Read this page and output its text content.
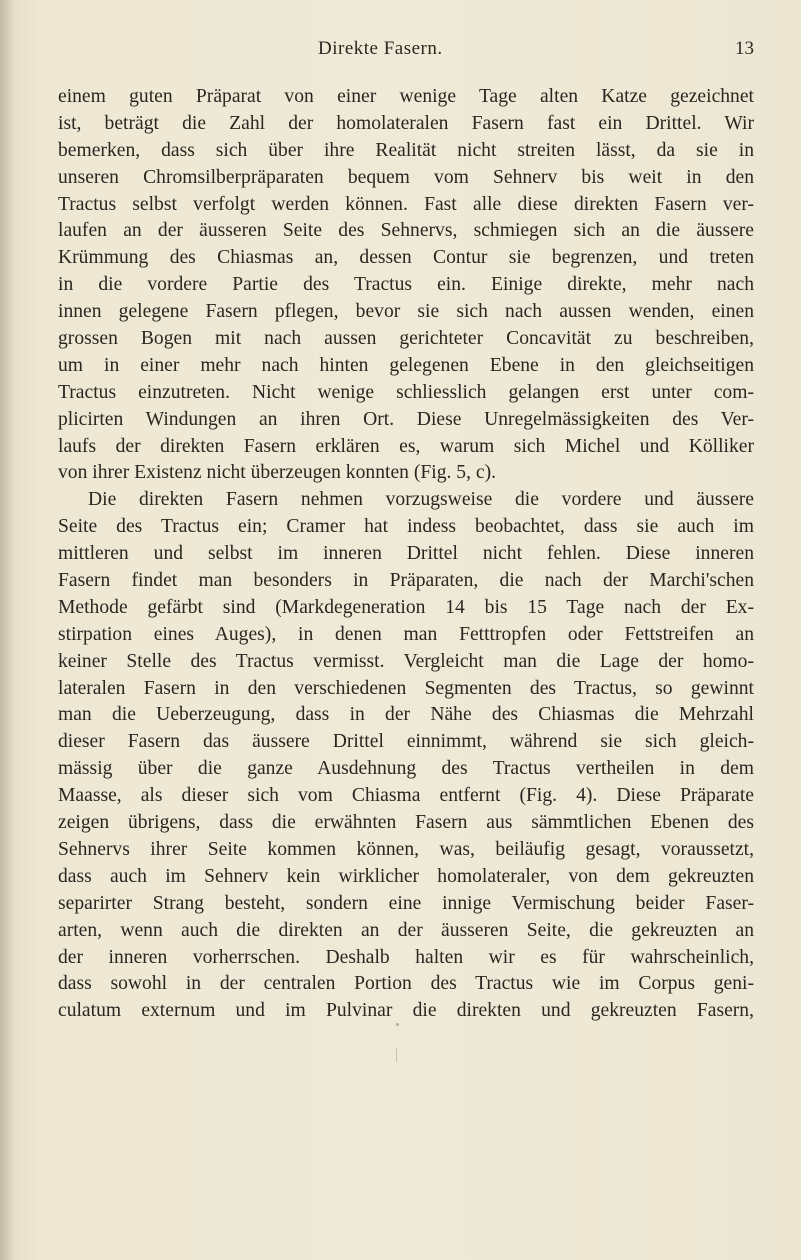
Direkte Fasern.	13
einem guten Präparat von einer wenige Tage alten Katze gezeichnet
ist, beträgt die Zahl der homolateralen Fasern fast ein Drittel. Wir
bemerken, dass sich über ihre Realität nicht streiten lässt, da sie in
unseren Chromsilberpräparaten bequem vom Sehnerv bis weit in den
Tractus selbst verfolgt werden können. Fast alle diese direkten Fasern ver-
laufen an der äusseren Seite des Sehnervs, schmiegen sich an die äussere
Krümmung des Chiasmas an, dessen Contur sie begrenzen, und treten
in die vordere Partie des Tractus ein. Einige direkte, mehr nach
innen gelegene Fasern pflegen, bevor sie sich nach aussen wenden, einen
grossen Bogen mit nach aussen gerichteter Concavität zu beschreiben,
um in einer mehr nach hinten gelegenen Ebene in den gleichseitigen
Tractus einzutreten. Nicht wenige schliesslich gelangen erst unter com-
plicirten Windungen an ihren Ort. Diese Unregelmässigkeiten des Ver-
laufs der direkten Fasern erklären es, warum sich Michel und Kölliker
von ihrer Existenz nicht überzeugen konnten (Fig. 5, c).
Die direkten Fasern nehmen vorzugsweise die vordere und äussere
Seite des Tractus ein; Cramer hat indess beobachtet, dass sie auch im
mittleren und selbst im inneren Drittel nicht fehlen. Diese inneren
Fasern findet man besonders in Präparaten, die nach der Marchi'schen
Methode gefärbt sind (Markdegeneration 14 bis 15 Tage nach der Ex-
stirpation eines Auges), in denen man Fetttropfen oder Fettstreifen an
keiner Stelle des Tractus vermisst. Vergleicht man die Lage der homo-
lateralen Fasern in den verschiedenen Segmenten des Tractus, so gewinnt
man die Ueberzeugung, dass in der Nähe des Chiasmas die Mehrzahl
dieser Fasern das äussere Drittel einnimmt, während sie sich gleich-
mässig über die ganze Ausdehnung des Tractus vertheilen in dem
Maasse, als dieser sich vom Chiasma entfernt (Fig. 4). Diese Präparate
zeigen übrigens, dass die erwähnten Fasern aus sämmtlichen Ebenen des
Sehnervs ihrer Seite kommen können, was, beiläufig gesagt, voraussetzt,
dass auch im Sehnerv kein wirklicher homolateraler, von dem gekreuzten
separirter Strang besteht, sondern eine innige Vermischung beider Faser-
arten, wenn auch die direkten an der äusseren Seite, die gekreuzten an
der inneren vorherrschen. Deshalb halten wir es für wahrscheinlich,
dass sowohl in der centralen Portion des Tractus wie im Corpus geni-
culatum externum und im Pulvinar die direkten und gekreuzten Fasern,
